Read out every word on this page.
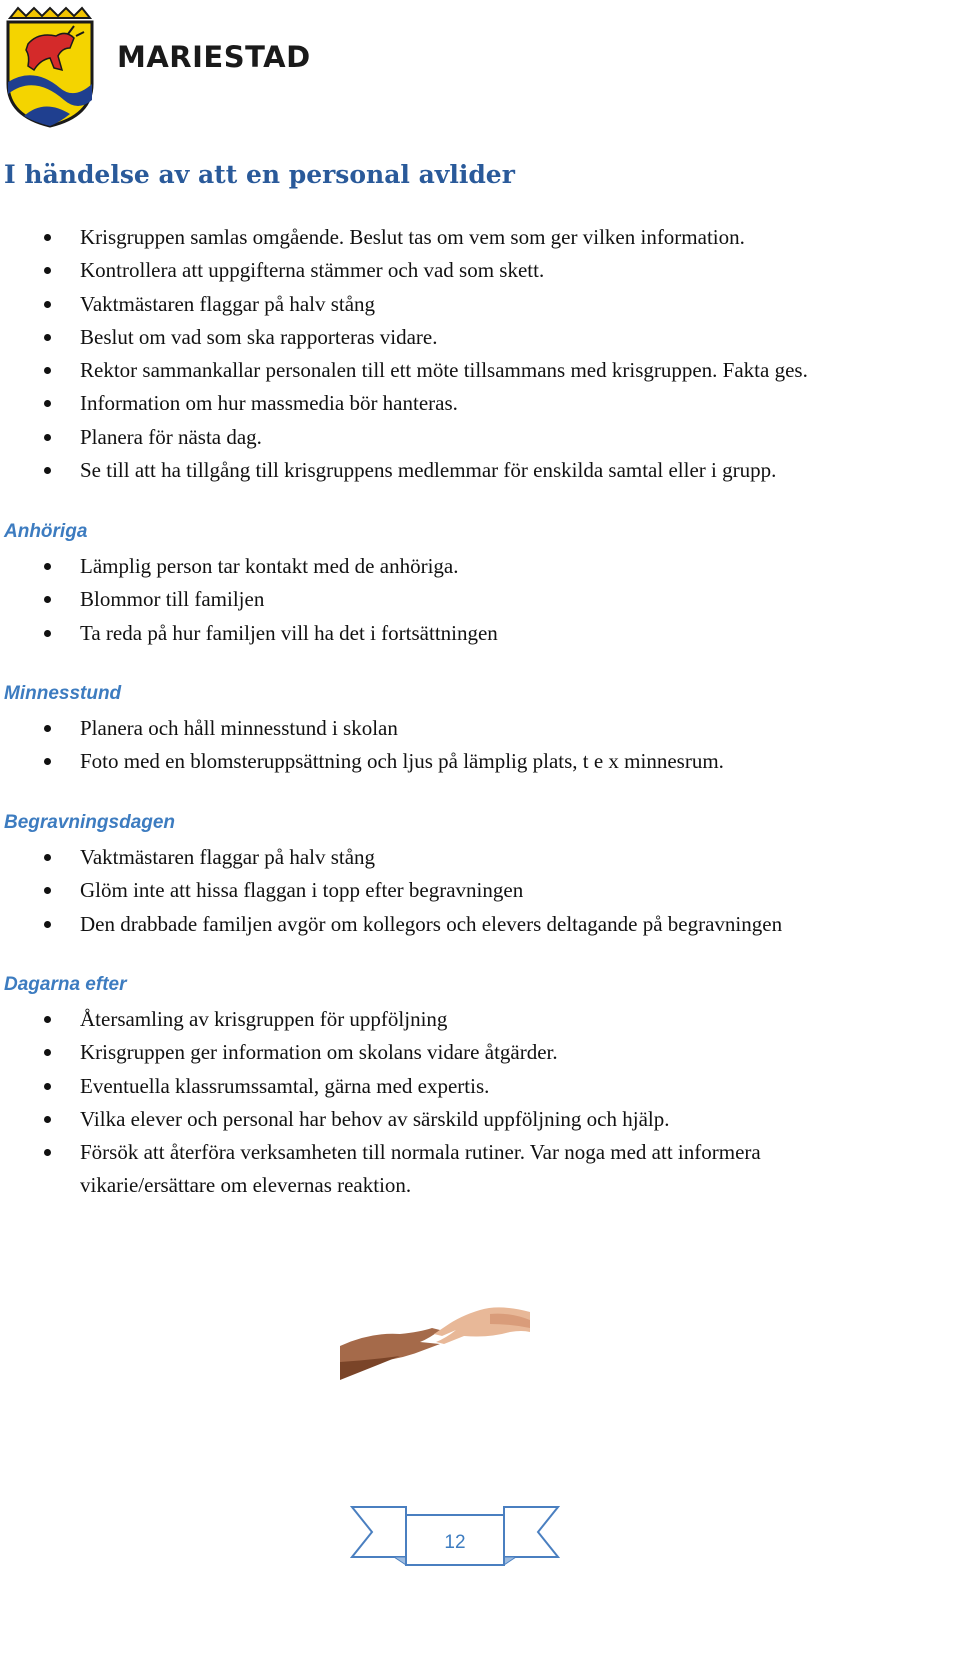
MARIESTAD
I händelse av att en personal avlider
Krisgruppen samlas omgående. Beslut tas om vem som ger vilken information.
Kontrollera att uppgifterna stämmer och vad som skett.
Vaktmästaren flaggar på halv stång
Beslut om vad som ska rapporteras vidare.
Rektor sammankallar personalen till ett möte tillsammans med krisgruppen. Fakta ges.
Information om hur massmedia bör hanteras.
Planera för nästa dag.
Se till att ha tillgång till krisgruppens medlemmar för enskilda samtal eller i grupp.
Anhöriga
Lämplig person tar kontakt med de anhöriga.
Blommor till familjen
Ta reda på hur familjen vill ha det i fortsättningen
Minnesstund
Planera och håll minnesstund i skolan
Foto med en blomsteruppsättning och ljus på lämplig plats, t e x minnesrum.
Begravningsdagen
Vaktmästaren flaggar på halv stång
Glöm inte att hissa flaggan i topp efter begravningen
Den drabbade familjen avgör om kollegors och elevers deltagande på begravningen
Dagarna efter
Återsamling av krisgruppen för uppföljning
Krisgruppen ger information om skolans vidare åtgärder.
Eventuella klassrumssamtal, gärna med expertis.
Vilka elever och personal har behov av särskild uppföljning och hjälp.
Försök att återföra verksamheten till normala rutiner. Var noga med att informera vikarie/ersättare om elevernas reaktion.
12
